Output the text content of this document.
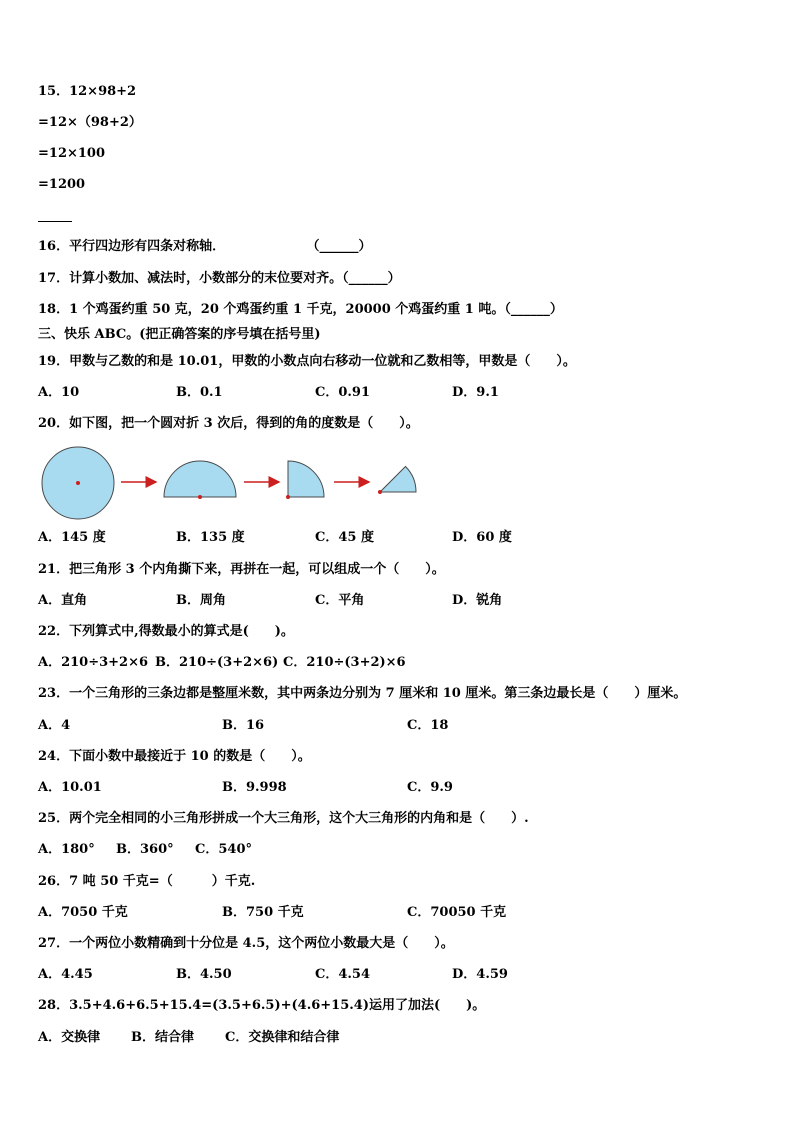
15．12×98+2
=12×（98+2）
=12×100
=1200
16．平行四边形有四条对称轴．                  （______）
17．计算小数加、减法时，小数部分的末位要对齐。（______）
18．1 个鸡蛋约重 50 克，20 个鸡蛋约重 1 千克，20000 个鸡蛋约重 1 吨。（______）
三、快乐 ABC。(把正确答案的序号填在括号里)
19．甲数与乙数的和是 10.01，甲数的小数点向右移动一位就和乙数相等，甲数是（　　）。
A．10	B．0.1	C．0.91	D．9.1
20．如下图，把一个圆对折 3 次后，得到的角的度数是（　　）。
A．145 度	B．135 度	C．45 度	D．60 度
21．把三角形 3 个内角撕下来，再拼在一起，可以组成一个（　　）。
A．直角	B．周角	C．平角	D．锐角
22．下列算式中,得数最小的算式是(　　)。
A．210÷3+2×6 B．210÷(3+2×6) C．210÷(3+2)×6
23．一个三角形的三条边都是整厘米数，其中两条边分别为 7 厘米和 10 厘米。第三条边最长是（　　）厘米。
A．4	B．16	C．18
24．下面小数中最接近于 10 的数是（　　）。
A．10.01	B．9.998	C．9.9
25．两个完全相同的小三角形拼成一个大三角形，这个大三角形的内角和是（　　）.
A．180° B．360° C．540°
26．7 吨 50 千克=（　　　）千克.
A．7050 千克	B．750 千克	C．70050 千克
27．一个两位小数精确到十分位是 4.5，这个两位小数最大是（　　）。
A．4.45	B．4.50	C．4.54	D．4.59
28．3.5+4.6+6.5+15.4=(3.5+6.5)+(4.6+15.4)运用了加法(　　)。
A．交换律 B．结合律 C．交换律和结合律
